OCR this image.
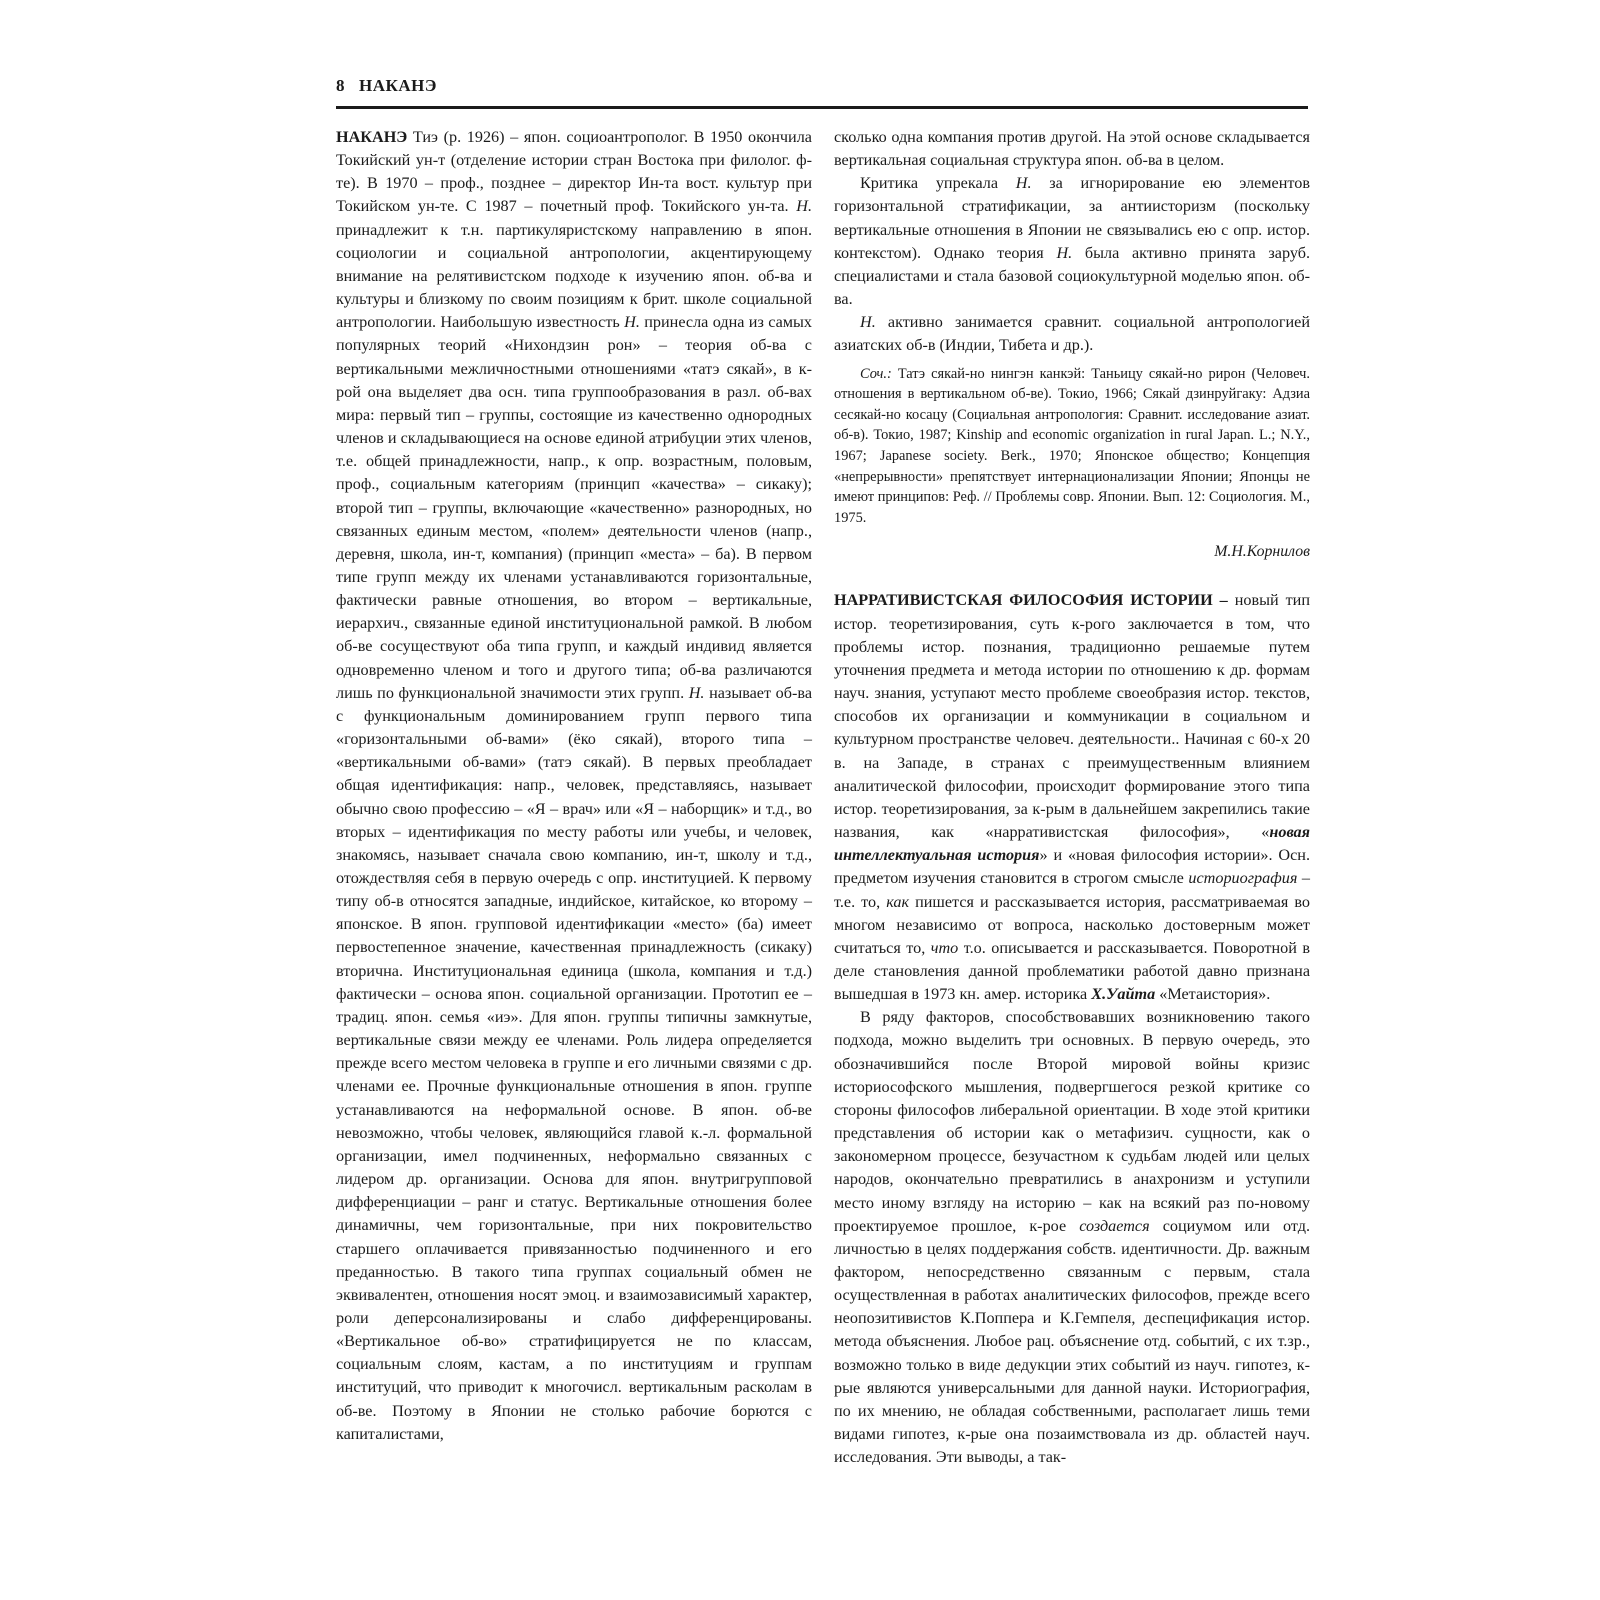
8 НАКАНЭ

НАКАНЭ Тиэ (р. 1926) – япон. социоантрополог. В 1950 окончила Токийский ун-т (отделение истории стран Востока при филолог. ф-те). В 1970 – проф., позднее – директор Ин-та вост. культур при Токийском ун-те. С 1987 – почетный проф. Токийского ун-та. Н. принадлежит к т.н. партикуляристскому направлению в япон. социологии и социальной антропологии, акцентирующему внимание на релятивистском подходе к изучению япон. об-ва и культуры и близкому по своим позициям к брит. школе социальной антропологии. Наибольшую известность Н. принесла одна из самых популярных теорий «Нихондзин рон» – теория об-ва с вертикальными межличностными отношениями «татэ сякай», в к-рой она выделяет два осн. типа группообразования в разл. об-вах мира: первый тип – группы, состоящие из качественно однородных членов и складывающиеся на основе единой атрибуции этих членов, т.е. общей принадлежности, напр., к опр. возрастным, половым, проф., социальным категориям (принцип «качества» – сикаку); второй тип – группы, включающие «качественно» разнородных, но связанных единым местом, «полем» деятельности членов (напр., деревня, школа, ин-т, компания) (принцип «места» – ба). В первом типе групп между их членами устанавливаются горизонтальные, фактически равные отношения, во втором – вертикальные, иерархич., связанные единой институциональной рамкой. В любом об-ве сосуществуют оба типа групп, и каждый индивид является одновременно членом и того и другого типа; об-ва различаются лишь по функциональной значимости этих групп. Н. называет об-ва с функциональным доминированием групп первого типа «горизонтальными об-вами» (ёко сякай), второго типа – «вертикальными об-вами» (татэ сякай). В первых преобладает общая идентификация: напр., человек, представляясь, называет обычно свою профессию – «Я – врач» или «Я – наборщик» и т.д., во вторых – идентификация по месту работы или учебы, и человек, знакомясь, называет сначала свою компанию, ин-т, школу и т.д., отождествляя себя в первую очередь с опр. институцией. К первому типу об-в относятся западные, индийское, китайское, ко второму – японское. В япон. групповой идентификации «место» (ба) имеет первостепенное значение, качественная принадлежность (сикаку) вторична. Институциональная единица (школа, компания и т.д.) фактически – основа япон. социальной организации. Прототип ее – традиц. япон. семья «иэ». Для япон. группы типичны замкнутые, вертикальные связи между ее членами. Роль лидера определяется прежде всего местом человека в группе и его личными связями с др. членами ее. Прочные функциональные отношения в япон. группе устанавливаются на неформальной основе. В япон. об-ве невозможно, чтобы человек, являющийся главой к.-л. формальной организации, имел подчиненных, неформально связанных с лидером др. организации. Основа для япон. внутригрупповой дифференциации – ранг и статус. Вертикальные отношения более динамичны, чем горизонтальные, при них покровительство старшего оплачивается привязанностью подчиненного и его преданностью. В такого типа группах социальный обмен не эквивалентен, отношения носят эмоц. и взаимозависимый характер, роли деперсонализированы и слабо дифференцированы. «Вертикальное об-во» стратифицируется не по классам, социальным слоям, кастам, а по институциям и группам институций, что приводит к многочисл. вертикальным расколам в об-ве. Поэтому в Японии не столько рабочие борются с капиталистами,

сколько одна компания против другой. На этой основе складывается вертикальная социальная структура япон. об-ва в целом.

Критика упрекала Н. за игнорирование ею элементов горизонтальной стратификации, за антиисторизм (поскольку вертикальные отношения в Японии не связывались ею с опр. истор. контекстом). Однако теория Н. была активно принята заруб. специалистами и стала базовой социокультурной моделью япон. об-ва.

Н. активно занимается сравнит. социальной антропологией азиатских об-в (Индии, Тибета и др.).

Соч.: Татэ сякай-но нингэн канкэй: Таньицу сякай-но рирон (Человеч. отношения в вертикальном об-ве). Токио, 1966; Сякай дзинруйгаку: Адзиа сесякай-но косацу (Социальная антропология: Сравнит. исследование азиат. об-в). Токио, 1987; Kinship and economic organization in rural Japan. L.; N.Y., 1967; Japanese society. Berk., 1970; Японское общество; Концепция «непрерывности» препятствует интернационализации Японии; Японцы не имеют принципов: Реф. // Проблемы совр. Японии. Вып. 12: Социология. М., 1975.

М.Н.Корнилов

НАРРАТИВИСТСКАЯ ФИЛОСОФИЯ ИСТОРИИ – новый тип истор. теоретизирования, суть к-рого заключается в том, что проблемы истор. познания, традиционно решаемые путем уточнения предмета и метода истории по отношению к др. формам науч. знания, уступают место проблеме своеобразия истор. текстов, способов их организации и коммуникации в социальном и культурном пространстве человеч. деятельности.. Начиная с 60-х 20 в. на Западе, в странах с преимущественным влиянием аналитической философии, происходит формирование этого типа истор. теоретизирования, за к-рым в дальнейшем закрепились такие названия, как «нарративистская философия», «новая интеллектуальная история» и «новая философия истории». Осн. предметом изучения становится в строгом смысле историография – т.е. то, как пишется и рассказывается история, рассматриваемая во многом независимо от вопроса, насколько достоверным может считаться то, что т.о. описывается и рассказывается. Поворотной в деле становления данной проблематики работой давно признана вышедшая в 1973 кн. амер. историка Х.Уайта «Метаистория».

В ряду факторов, способствовавших возникновению такого подхода, можно выделить три основных. В первую очередь, это обозначившийся после Второй мировой войны кризис историософского мышления, подвергшегося резкой критике со стороны философов либеральной ориентации. В ходе этой критики представления об истории как о метафизич. сущности, как о закономерном процессе, безучастном к судьбам людей или целых народов, окончательно превратились в анахронизм и уступили место иному взгляду на историю – как на всякий раз по-новому проектируемое прошлое, к-рое создается социумом или отд. личностью в целях поддержания собств. идентичности. Др. важным фактором, непосредственно связанным с первым, стала осуществленная в работах аналитических философов, прежде всего неопозитивистов К.Поппера и К.Гемпеля, деспецификация истор. метода объяснения. Любое рац. объяснение отд. событий, с их т.зр., возможно только в виде дедукции этих событий из науч. гипотез, к-рые являются универсальными для данной науки. Историография, по их мнению, не обладая собственными, располагает лишь теми видами гипотез, к-рые она позаимствовала из др. областей науч. исследования. Эти выводы, а так-
